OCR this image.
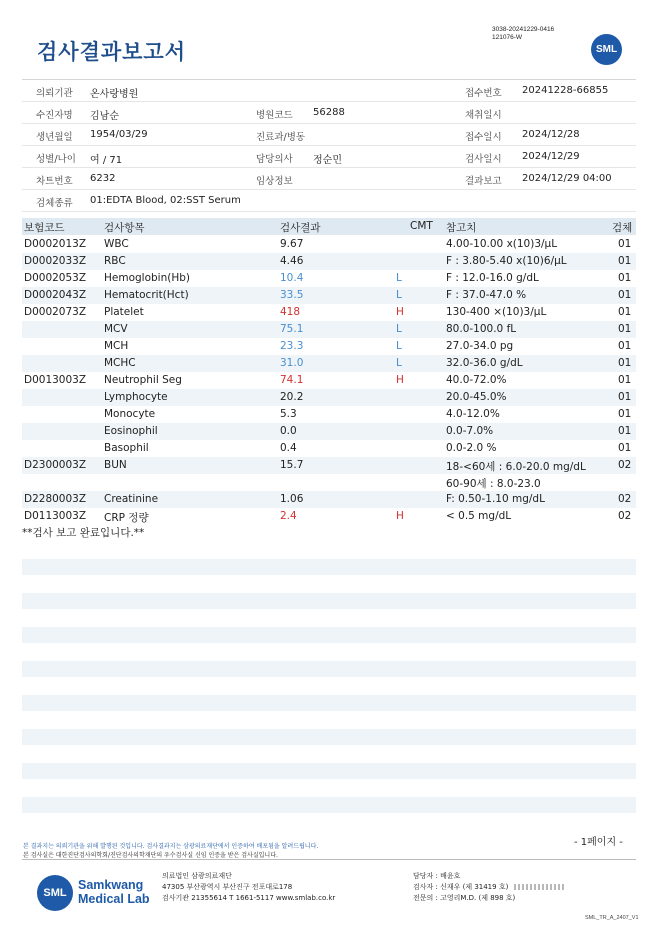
검사결과보고서
3038-20241229-0416
121076-W
SML
의뢰기관 온사랑병원	접수번호 20241228-66855
수진자명 김남순	병원코드 56288	채취일시
생년월일 1954/03/29	진료과/병동	접수일시 2024/12/28
성별/나이 여 / 71	담당의사 정순민	검사일시 2024/12/29
차트번호 6232	임상정보	결과보고 2024/12/29 04:00
검체종류 01:EDTA Blood, 02:SST Serum
보험코드	검사항목	검사결과	CMT 참고치	검체
D0002013Z WBC	9.67	4.00-10.00 x(10)3/μL	01
D0002033Z RBC	4.46	F : 3.80-5.40 x(10)6/μL	01
D0002053Z Hemoglobin(Hb)	10.4	L	F : 12.0-16.0 g/dL	01
D0002043Z Hematocrit(Hct)	33.5	L	F : 37.0-47.0 %	01
D0002073Z Platelet	418	H	130-400 ×(10)3/μL	01
MCV	75.1	L	80.0-100.0 fL	01
MCH	23.3	L	27.0-34.0 pg	01
MCHC	31.0	L	32.0-36.0 g/dL	01
D0013003Z Neutrophil Seg	74.1	H	40.0-72.0%	01
Lymphocyte	20.2	20.0-45.0%	01
Monocyte	5.3	4.0-12.0%	01
Eosinophil	0.0	0.0-7.0%	01
Basophil	0.4	0.0-2.0 %	01
D2300003Z BUN	15.7	18-<60세 : 6.0-20.0 mg/dL	02
60-90세 : 8.0-23.0
D2280003Z Creatinine	1.06	F: 0.50-1.10 mg/dL	02
D0113003Z CRP 정량	2.4	H	< 0.5 mg/dL	02
**검사 보고 완료입니다.**
본 결과지는 의뢰기관을 위해 발행된 것입니다. 검사결과지는 삼광의료재단에서 인증하여 배포됨을 알려드립니다.
본 검사실은 대한진단검사의학회/진단검사의학재단의 우수검사실 신임 인증을 받은 검사실입니다.
- 1페이지 -
SML
Samkwang
Medical Lab
의료법인 삼광의료재단
47305 부산광역시 부산진구 전포대로178
검사기관 21355614 T 1661-5117 www.smlab.co.kr
담당자 : 배윤호
검사자 : 신재우 (제 31419 호)
전문의 : 고영리M.D. (제 898 호)
SML_TR_A_2407_V1
